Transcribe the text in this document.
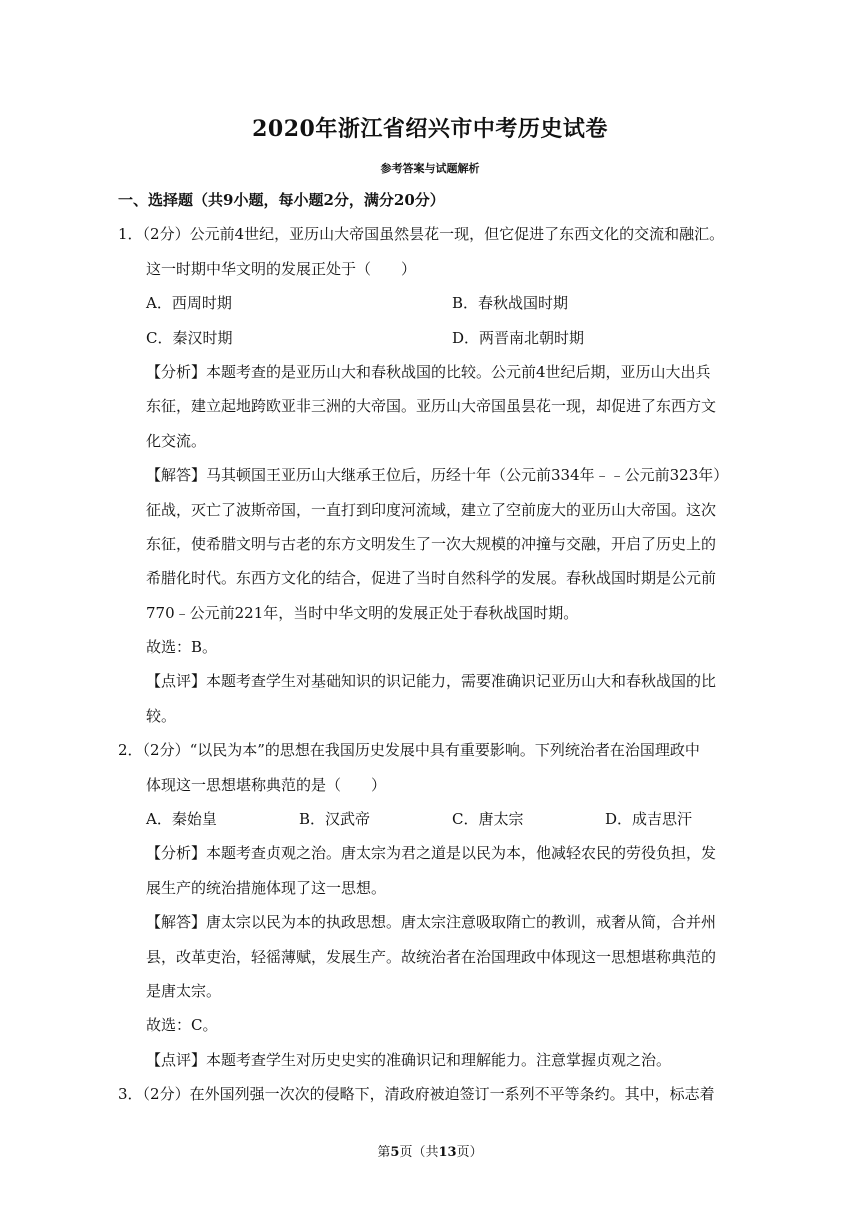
2020年浙江省绍兴市中考历史试卷
参考答案与试题解析
一、选择题（共9小题，每小题2分，满分20分）
1．（2分）公元前4世纪，亚历山大帝国虽然昙花一现，但它促进了东西文化的交流和融汇。
这一时期中华文明的发展正处于（　　）
A．西周时期	B．春秋战国时期
C．秦汉时期	D．两晋南北朝时期
【分析】本题考查的是亚历山大和春秋战国的比较。公元前4世纪后期，亚历山大出兵
东征，建立起地跨欧亚非三洲的大帝国。亚历山大帝国虽昙花一现，却促进了东西方文
化交流。
【解答】马其顿国王亚历山大继承王位后，历经十年（公元前334年﹣﹣公元前323年）
征战，灭亡了波斯帝国，一直打到印度河流域，建立了空前庞大的亚历山大帝国。这次
东征，使希腊文明与古老的东方文明发生了一次大规模的冲撞与交融，开启了历史上的
希腊化时代。东西方文化的结合，促进了当时自然科学的发展。春秋战国时期是公元前
770﹣公元前221年，当时中华文明的发展正处于春秋战国时期。
故选：B。
【点评】本题考查学生对基础知识的识记能力，需要准确识记亚历山大和春秋战国的比
较。
2．（2分）“以民为本”的思想在我国历史发展中具有重要影响。下列统治者在治国理政中
体现这一思想堪称典范的是（　　）
A．秦始皇	B．汉武帝	C．唐太宗	D．成吉思汗
【分析】本题考查贞观之治。唐太宗为君之道是以民为本，他减轻农民的劳役负担，发
展生产的统治措施体现了这一思想。
【解答】唐太宗以民为本的执政思想。唐太宗注意吸取隋亡的教训，戒奢从简，合并州
县，改革吏治，轻徭薄赋，发展生产。故统治者在治国理政中体现这一思想堪称典范的
是唐太宗。
故选：C。
【点评】本题考查学生对历史史实的准确识记和理解能力。注意掌握贞观之治。
3．（2分）在外国列强一次次的侵略下，清政府被迫签订一系列不平等条约。其中，标志着
第5页（共13页）
